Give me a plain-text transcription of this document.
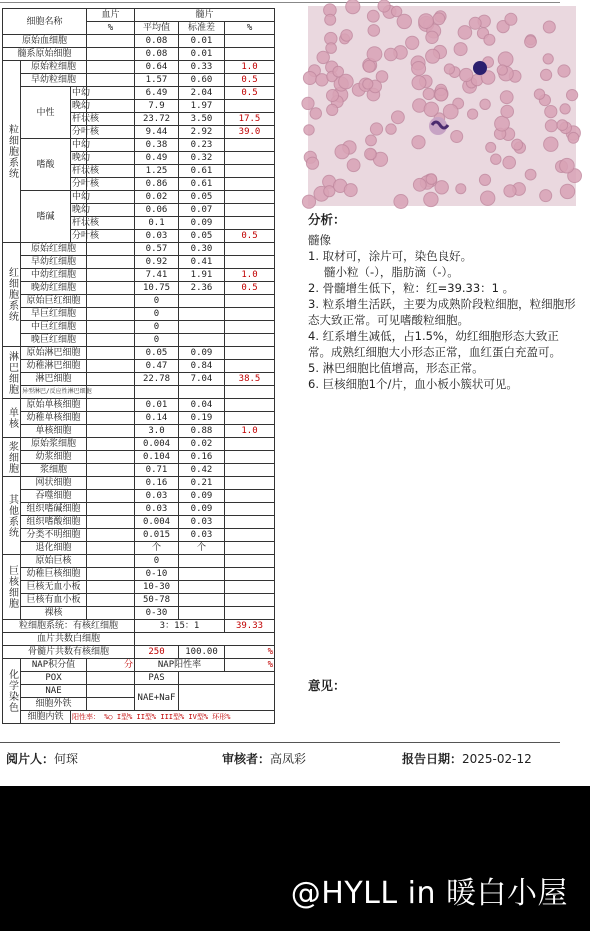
细胞名称			血片	髓片			
			%	平均值	标准差	%	
原始血细胞				0.08	0.01		
髓系原始细胞				0.08	0.01		
粒细胞系统	原始粒细胞			0.64	0.33	1.0	
	早幼粒细胞			1.57	0.60	0.5	
	中性	中幼		6.49	2.04	0.5	
		晚幼		7.9	1.97		
		杆状核		23.72	3.50	17.5	
		分叶核		9.44	2.92	39.0	
	嗜酸	中幼		0.38	0.23		
		晚幼		0.49	0.32		
		杆状核		1.25	0.61		
		分叶核		0.86	0.61		
	嗜碱	中幼		0.02	0.05		
		晚幼		0.06	0.07		
		杆状核		0.1	0.09		
		分叶核		0.03	0.05	0.5	
红细胞系统	原始红细胞			0.57	0.30		
	早幼红细胞			0.92	0.41		
	中幼红细胞			7.41	1.91	1.0	
	晚幼红细胞			10.75	2.36	0.5	
	原始巨红细胞			0			
	早巨红细胞			0			
	中巨红细胞			0			
	晚巨红细胞			0			
淋巴细胞	原始淋巴细胞			0.05	0.09		
	幼稚淋巴细胞			0.47	0.84		
	淋巴细胞			22.78	7.04	38.5	
	异型淋巴/反应性淋巴细胞						
单核	原始单核细胞			0.01	0.04		
	幼稚单核细胞			0.14	0.19		
	单核细胞			3.0	0.88	1.0	
浆细胞	原始浆细胞			0.004	0.02		
	幼浆细胞			0.104	0.16		
	浆细胞			0.71	0.42		
其他系统	网状细胞			0.16	0.21		
	吞噬细胞			0.03	0.09		
	组织嗜碱细胞			0.03	0.09		
	组织嗜酸细胞			0.004	0.03		
	分类不明细胞			0.015	0.03		
	退化细胞			个	个		
巨核细胞	原始巨核			0			
	幼稚巨核细胞			0-10			
	巨核无血小板			10-30			
	巨核有血小板			50-78			
	裸核			0-30			
粒细胞系统：有核红细胞				3：15：1		39.33	
血片共数白细胞							
骨髓片共数有核细胞				250	100.00	%	
化学染色	NAP积分值		分	NAP阳性率		%	
	POX			PAS			
	NAE			NAE+NaF			
	细胞外铁						
	细胞内铁	阳性率： %○ I型% II型% III型% IV型% 环形%					
分析：

髓像

1. 取材可，涂片可，染色良好。

髓小粒（-），脂肪滴（-）。

2. 骨髓增生低下，粒：红=39.33：1 。

3. 粒系增生活跃，主要为成熟阶段粒细胞，粒细胞形态大致正常。可见嗜酸粒细胞。

4. 红系增生减低，占1.5%，幼红细胞形态大致正常。成熟红细胞大小形态正常，血红蛋白充盈可。

5. 淋巴细胞比值增高，形态正常。

6. 巨核细胞1个/片，血小板小簇状可见。

意见：
阅片人：何琛	审核者：高凤彩	报告日期：2025-02-12
@HYLL in 暖白小屋
